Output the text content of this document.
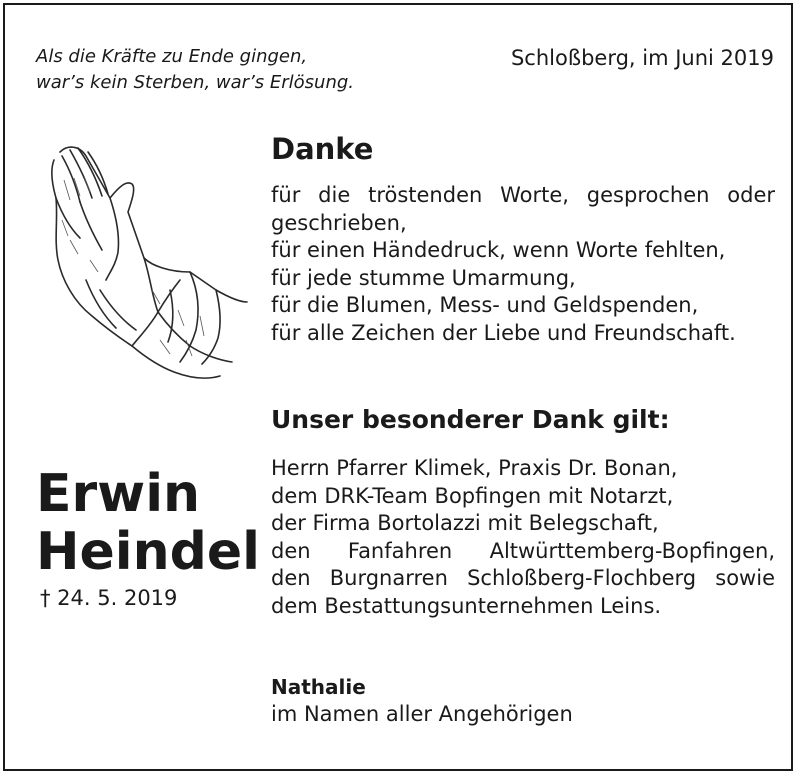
Als die Kräfte zu Ende gingen,
war’s kein Sterben, war’s Erlösung.
Schloßberg, im Juni 2019
Danke
für die tröstenden Worte, gesprochen oder
geschrieben,
für einen Händedruck, wenn Worte fehlten,
für jede stumme Umarmung,
für die Blumen, Mess- und Geldspenden,
für alle Zeichen der Liebe und Freundschaft.
Unser besonderer Dank gilt:
Herrn Pfarrer Klimek, Praxis Dr. Bonan,
dem DRK-Team Bopfingen mit Notarzt,
der Firma Bortolazzi mit Belegschaft,
den Fanfahren Altwürttemberg-Bopfingen,
den Burgnarren Schloßberg-Flochberg sowie
dem Bestattungsunternehmen Leins.
Erwin
Heindel
† 24. 5. 2019
Nathalie
im Namen aller Angehörigen
